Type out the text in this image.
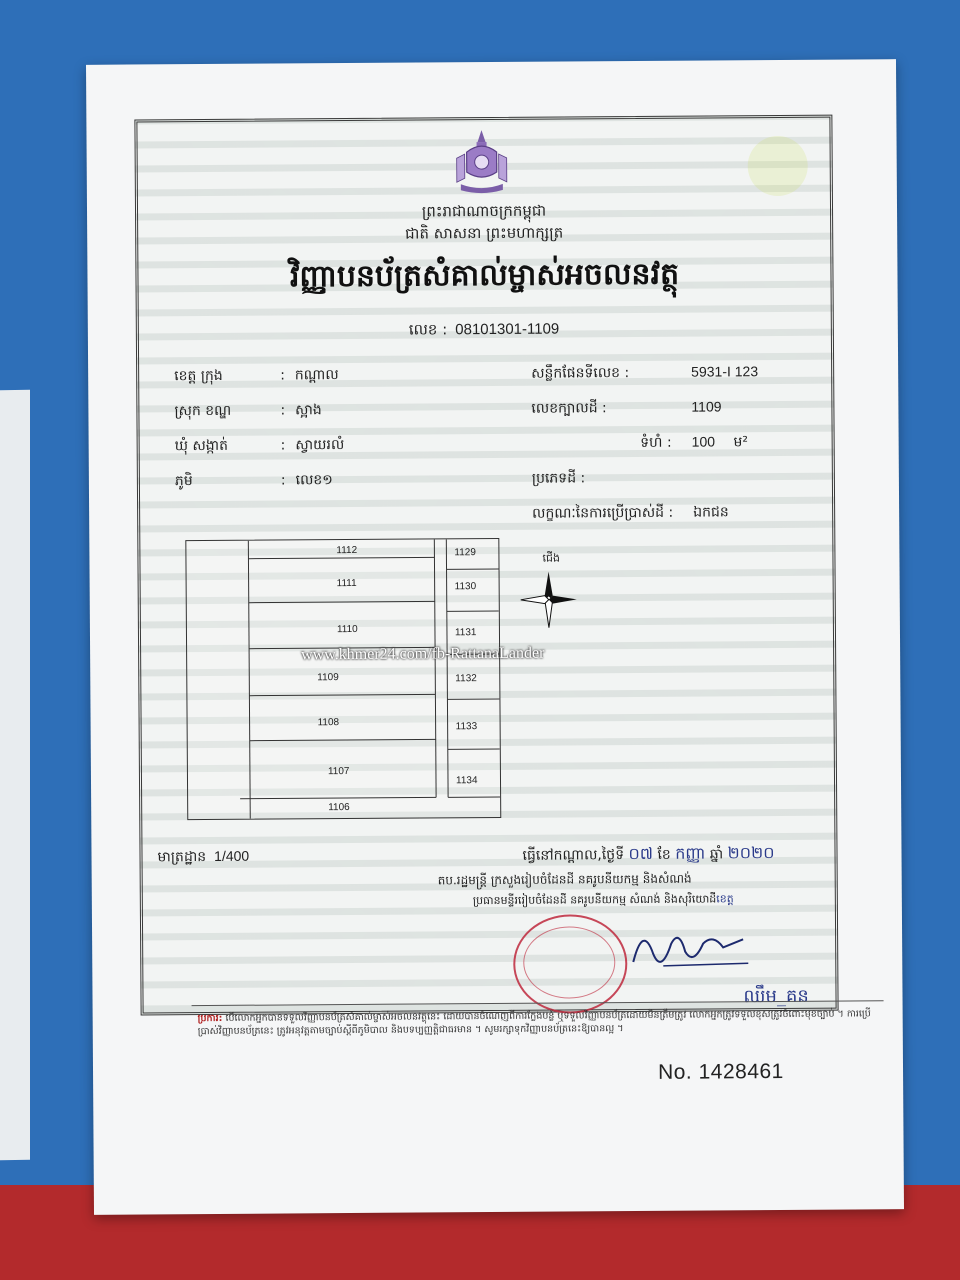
ព្រះរាជាណាចក្រកម្ពុជា
ជាតិ សាសនា ព្រះមហាក្សត្រ
វិញ្ញាបនប័ត្រសំគាល់ម្ចាស់អចលនវត្ថុ
លេខ : 08101301-1109
ខេត្ត ក្រុង	: កណ្ដាល
ស្រុក ខណ្ឌ	: ស្អាង
ឃុំ សង្កាត់	: ស្វាយរលំ
ភូមិ	: លេខ១
សន្លឹកផែនទីលេខ :	5931-I 123
លេខក្បាលដី :	1109
ទំហំ : 100 ម²
ប្រភេទដី :
លក្ខណៈនៃការប្រើប្រាស់ដី : ឯកជន
1112
1111
1110
1109
1108
1107
1106
1129
1130
1131
1132
1133
1134
ជើង
www.khmer24.com/fb-RattanaLander
មាត្រដ្ឋាន 1/400	ធ្វើនៅកណ្ដាល,ថ្ងៃទី ០៧ ខែ កញ្ញា ឆ្នាំ ២០២០
តប.រដ្ឋមន្ត្រី ក្រសួងរៀបចំដែនដី នគរូបនីយកម្ម និងសំណង់
ប្រធានមន្ទីររៀបចំដែនដី នគរូបនីយកម្ម សំណង់ និងសុរិយោដីខេត្ត
ឈឹម_គន
ប្រការ: បើលោកអ្នកបានទទួលវិញ្ញាបនប័ត្រសំគាល់ម្ចាស់អចលនវត្ថុនេះ ដោយបានចំណេញពីការក្លែងបន្លំ ឬទទួលវិញ្ញាបនប័ត្រដោយមិនត្រឹមត្រូវ លោកអ្នកត្រូវទទួលខុសត្រូវចំពោះមុខច្បាប់ ។ ការប្រើប្រាស់វិញ្ញាបនប័ត្រនេះ ត្រូវអនុវត្តតាមច្បាប់ស្ដីពីភូមិបាល និងបទប្បញ្ញត្តិជាធរមាន ។ សូមរក្សាទុកវិញ្ញាបនប័ត្រនេះឱ្យបានល្អ ។
No. 1428461
